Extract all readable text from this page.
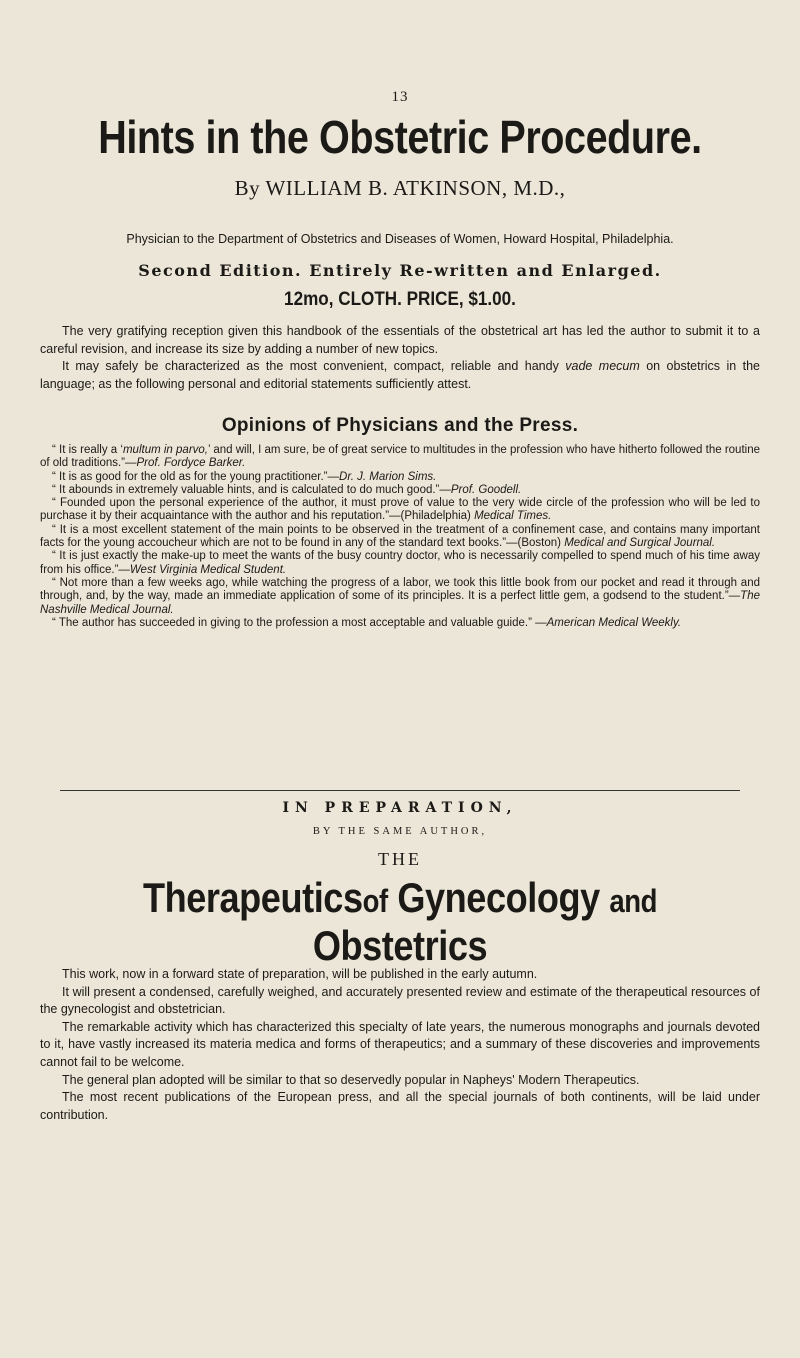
13
Hints in the Obstetric Procedure.
By WILLIAM B. ATKINSON, M.D.,
Physician to the Department of Obstetrics and Diseases of Women, Howard Hospital, Philadelphia.
Second Edition. Entirely Re-written and Enlarged.
12mo, CLOTH. PRICE, $1.00.

The very gratifying reception given this handbook of the essentials of the obstetrical art has led the author to submit it to a careful revision, and increase its size by adding a number of new topics.

It may safely be characterized as the most convenient, compact, reliable and handy vade mecum on obstetrics in the language; as the following personal and editorial statements sufficiently attest.

Opinions of Physicians and the Press.

“ It is really a ‘multum in parvo,’ and will, I am sure, be of great service to multitudes in the profession who have hitherto followed the routine of old traditions.”—Prof. Fordyce Barker.

“ It is as good for the old as for the young practitioner.”—Dr. J. Marion Sims.

“ It abounds in extremely valuable hints, and is calculated to do much good.”—Prof. Goodell.

“ Founded upon the personal experience of the author, it must prove of value to the very wide circle of the profession who will be led to purchase it by their acquaintance with the author and his reputation.”—(Philadelphia) Medical Times.

“ It is a most excellent statement of the main points to be observed in the treatment of a confinement case, and contains many important facts for the young accoucheur which are not to be found in any of the standard text books.”—(Boston) Medical and Surgical Journal.

“ It is just exactly the make-up to meet the wants of the busy country doctor, who is necessarily compelled to spend much of his time away from his office.”—West Virginia Medical Student.

“ Not more than a few weeks ago, while watching the progress of a labor, we took this little book from our pocket and read it through and through, and, by the way, made an immediate application of some of its principles. It is a perfect little gem, a godsend to the student.”—The Nashville Medical Journal.

“ The author has succeeded in giving to the profession a most acceptable and valuable guide.” —American Medical Weekly.

IN PREPARATION,
BY THE SAME AUTHOR,
THE
Therapeuticsof Gynecology and Obstetrics

This work, now in a forward state of preparation, will be published in the early autumn.

It will present a condensed, carefully weighed, and accurately presented review and estimate of the therapeutical resources of the gynecologist and obstetrician.

The remarkable activity which has characterized this specialty of late years, the numerous monographs and journals devoted to it, have vastly increased its materia medica and forms of therapeutics; and a summary of these discoveries and improvements cannot fail to be welcome.

The general plan adopted will be similar to that so deservedly popular in Napheys' Modern Therapeutics.

The most recent publications of the European press, and all the special journals of both continents, will be laid under contribution.
